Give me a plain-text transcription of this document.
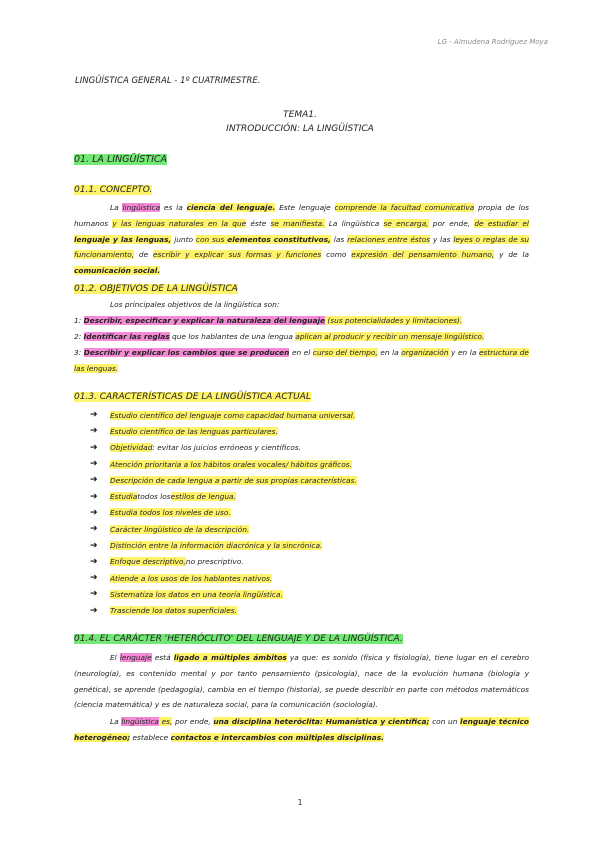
LG - Almudena Rodríguez Moya
LINGÜÍSTICA GENERAL - 1º CUATRIMESTRE.
TEMA1.
INTRODUCCIÓN: LA LINGÜÍSTICA
01. LA LINGÜÍSTICA
01.1. CONCEPTO.
La lingüística es la ciencia del lenguaje. Este lenguaje comprende la facultad comunicativa propia de los humanos y las lenguas naturales en la que éste se manifiesta. La lingüística se encarga, por ende, de estudiar el lenguaje y las lenguas, junto con sus elementos constitutivos, las relaciones entre éstos y las leyes o reglas de su funcionamiento, de escribir y explicar sus formas y funciones como expresión del pensamiento humano, y de la comunicación social.
01.2. OBJETIVOS DE LA LINGÜÍSTICA
Los principales objetivos de la lingüística son:
1: Describir, especificar y explicar la naturaleza del lenguaje (sus potencialidades y limitaciones).
2: Identificar las reglas que los hablantes de una lengua aplican al producir y recibir un mensaje lingüístico.
3: Describir y explicar los cambios que se producen en el curso del tiempo, en la organización y en la estructura de las lenguas.
01.3. CARACTERÍSTICAS DE LA LINGÜÍSTICA ACTUAL
➔	Estudio científico del lenguaje como capacidad humana universal.
➔	Estudio científico de las lenguas particulares.
➔	Objetividad : evitar los juicios erróneos y científicos.
➔	Atención prioritaria a los hábitos orales vocales/ hábitos gráficos.
➔	Descripción de cada lengua a partir de sus propias características.
➔	Estudia todos los estilos de lengua.
➔	Estudia todos los niveles de uso.
➔	Carácter lingüístico de la descripción.
➔	Distinción entre la información diacrónica y la sincrónica.
➔	Enfoque descriptivo, no prescriptivo.
➔	Atiende a los usos de los hablantes nativos.
➔	Sistematiza los datos en una teoría lingüística.
➔	Trasciende los datos superficiales.
01.4. EL CARÁCTER 'HETERÓCLITO' DEL LENGUAJE Y DE LA LINGÜÍSTICA.
El lenguaje está ligado a múltiples ámbitos ya que: es sonido (física y fisiología), tiene lugar en el cerebro (neurología), es contenido mental y por tanto pensamiento (psicología), nace de la evolución humana (biología y genética), se aprende (pedagogía), cambia en el tiempo (historia), se puede describir en parte con métodos matemáticos (ciencia matemática) y es de naturaleza social, para la comunicación (sociología).
La lingüística es, por ende, una disciplina heteróclita: Humanística y científica; con un lenguaje técnico heterogéneo; establece contactos e intercambios con múltiples disciplinas.
1
